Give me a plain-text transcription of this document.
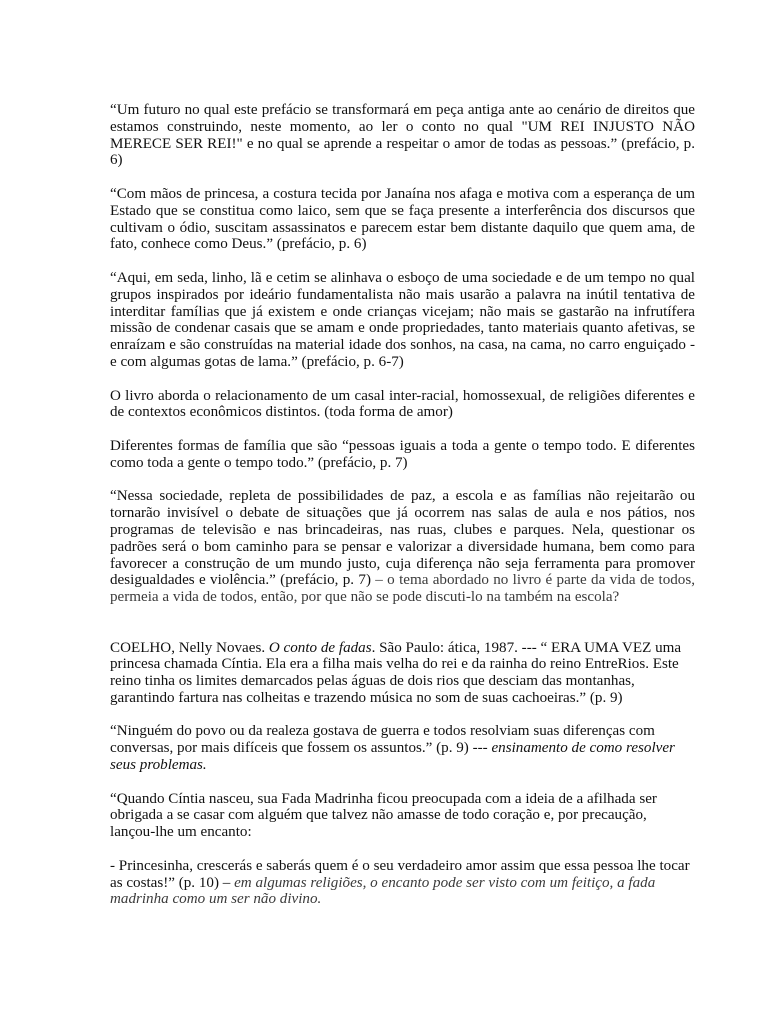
“Um futuro no qual este prefácio se transformará em peça antiga ante ao cenário de direitos que estamos construindo, neste momento, ao ler o conto no qual "UM REI INJUSTO NÃO MERECE SER REI!" e no qual se aprende a respeitar o amor de todas as pessoas.” (prefácio, p. 6)

“Com mãos de princesa, a costura tecida por Janaína nos afaga e motiva com a esperança de um Estado que se constitua como laico, sem que se faça presente a interferência dos discursos que cultivam o ódio, suscitam assassinatos e parecem estar bem distante daquilo que quem ama, de fato, conhece como Deus.” (prefácio, p. 6)

“Aqui, em seda, linho, lã e cetim se alinhava o esboço de uma sociedade e de um tempo no qual grupos inspirados por ideário fundamentalista não mais usarão a palavra na inútil tentativa de interditar famílias que já existem e onde crianças vicejam; não mais se gastarão na infrutífera missão de condenar casais que se amam e onde propriedades, tanto materiais quanto afetivas, se enraízam e são construídas na material idade dos sonhos, na casa, na cama, no carro enguiçado - e com algumas gotas de lama.” (prefácio, p. 6-7)

O livro aborda o relacionamento de um casal inter-racial, homossexual, de religiões diferentes e de contextos econômicos distintos. (toda forma de amor)

Diferentes formas de família que são “pessoas iguais a toda a gente o tempo todo. E diferentes como toda a gente o tempo todo.” (prefácio, p. 7)

“Nessa sociedade, repleta de possibilidades de paz, a escola e as famílias não rejeitarão ou tornarão invisível o debate de situações que já ocorrem nas salas de aula e nos pátios, nos programas de televisão e nas brincadeiras, nas ruas, clubes e parques. Nela, questionar os padrões será o bom caminho para se pensar e valorizar a diversidade humana, bem como para favorecer a construção de um mundo justo, cuja diferença não seja ferramenta para promover desigualdades e violência.” (prefácio, p. 7) – o tema abordado no livro é parte da vida de todos, permeia a vida de todos, então, por que não se pode discuti-lo na também na escola?

COELHO, Nelly Novaes. O conto de fadas. São Paulo: ática, 1987. --- “ ERA UMA VEZ uma princesa chamada Cíntia. Ela era a filha mais velha do rei e da rainha do reino EntreRios. Este reino tinha os limites demarcados pelas águas de dois rios que desciam das montanhas, garantindo fartura nas colheitas e trazendo música no som de suas cachoeiras.” (p. 9)

“Ninguém do povo ou da realeza gostava de guerra e todos resolviam suas diferenças com conversas, por mais difíceis que fossem os assuntos.” (p. 9) --- ensinamento de como resolver seus problemas.

“Quando Cíntia nasceu, sua Fada Madrinha ficou preocupada com a ideia de a afilhada ser obrigada a se casar com alguém que talvez não amasse de todo coração e, por precaução, lançou-lhe um encanto:

- Princesinha, crescerás e saberás quem é o seu verdadeiro amor assim que essa pessoa lhe tocar as costas!” (p. 10) – em algumas religiões, o encanto pode ser visto com um feitiço, a fada madrinha como um ser não divino.
